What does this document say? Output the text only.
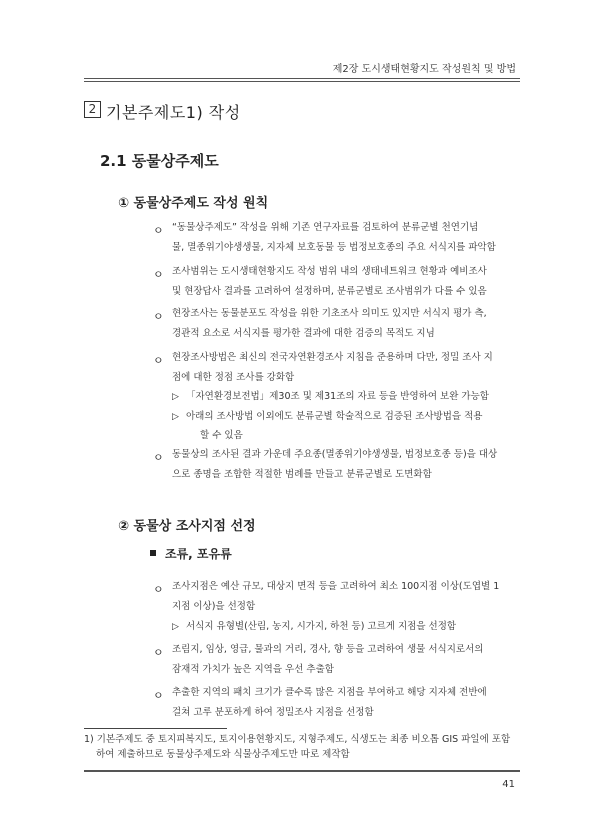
제2장 도시생태현황지도 작성원칙 및 방법
2 기본주제도1) 작성
2.1 동물상주제도
① 동물상주제도 작성 원칙
ㅇ “동물상주제도” 작성을 위해 기존 연구자료를 검토하여 분류군별 천연기념
물, 멸종위기야생생물, 지자체 보호동물 등 법정보호종의 주요 서식지를 파악함
ㅇ 조사범위는 도시생태현황지도 작성 범위 내의 생태네트워크 현황과 예비조사
및 현장답사 결과를 고려하여 설정하며, 분류군별로 조사범위가 다를 수 있음
ㅇ 현장조사는 동물분포도 작성을 위한 기초조사 의미도 있지만 서식지 평가 측,
경관적 요소로 서식지를 평가한 결과에 대한 검증의 목적도 지님
ㅇ 현장조사방법은 최신의 전국자연환경조사 지침을 준용하며 다만, 정밀 조사 지
점에 대한 정점 조사를 강화함
▷ 「자연환경보전법」제30조 및 제31조의 자료 등을 반영하여 보완 가능함
▷ 아래의 조사방법 이외에도 분류군별 학술적으로 검증된 조사방법을 적용
할 수 있음
ㅇ 동물상의 조사된 결과 가운데 주요종(멸종위기야생생물, 법정보호종 등)을 대상
으로 종명을 조합한 적절한 범례를 만들고 분류군별로 도면화함
② 동물상 조사지점 선정
조류, 포유류
ㅇ 조사지점은 예산 규모, 대상지 면적 등을 고려하여 최소 100지점 이상(도엽별 1
지점 이상)을 선정함
▷ 서식지 유형별(산림, 농지, 시가지, 하천 등) 고르게 지점을 선정함
ㅇ 조림지, 임상, 영급, 물과의 거리, 경사, 향 등을 고려하여 생물 서식지로서의
잠재적 가치가 높은 지역을 우선 추출함
ㅇ 추출한 지역의 패치 크기가 클수록 많은 지점을 부여하고 해당 지자체 전반에
걸쳐 고루 분포하게 하여 정밀조사 지점을 선정함
1) 기본주제도 중 토지피복지도, 토지이용현황지도, 지형주제도, 식생도는 최종 비오톱 GIS 파일에 포함
하여 제출하므로 동물상주제도와 식물상주제도만 따로 제작함
41
